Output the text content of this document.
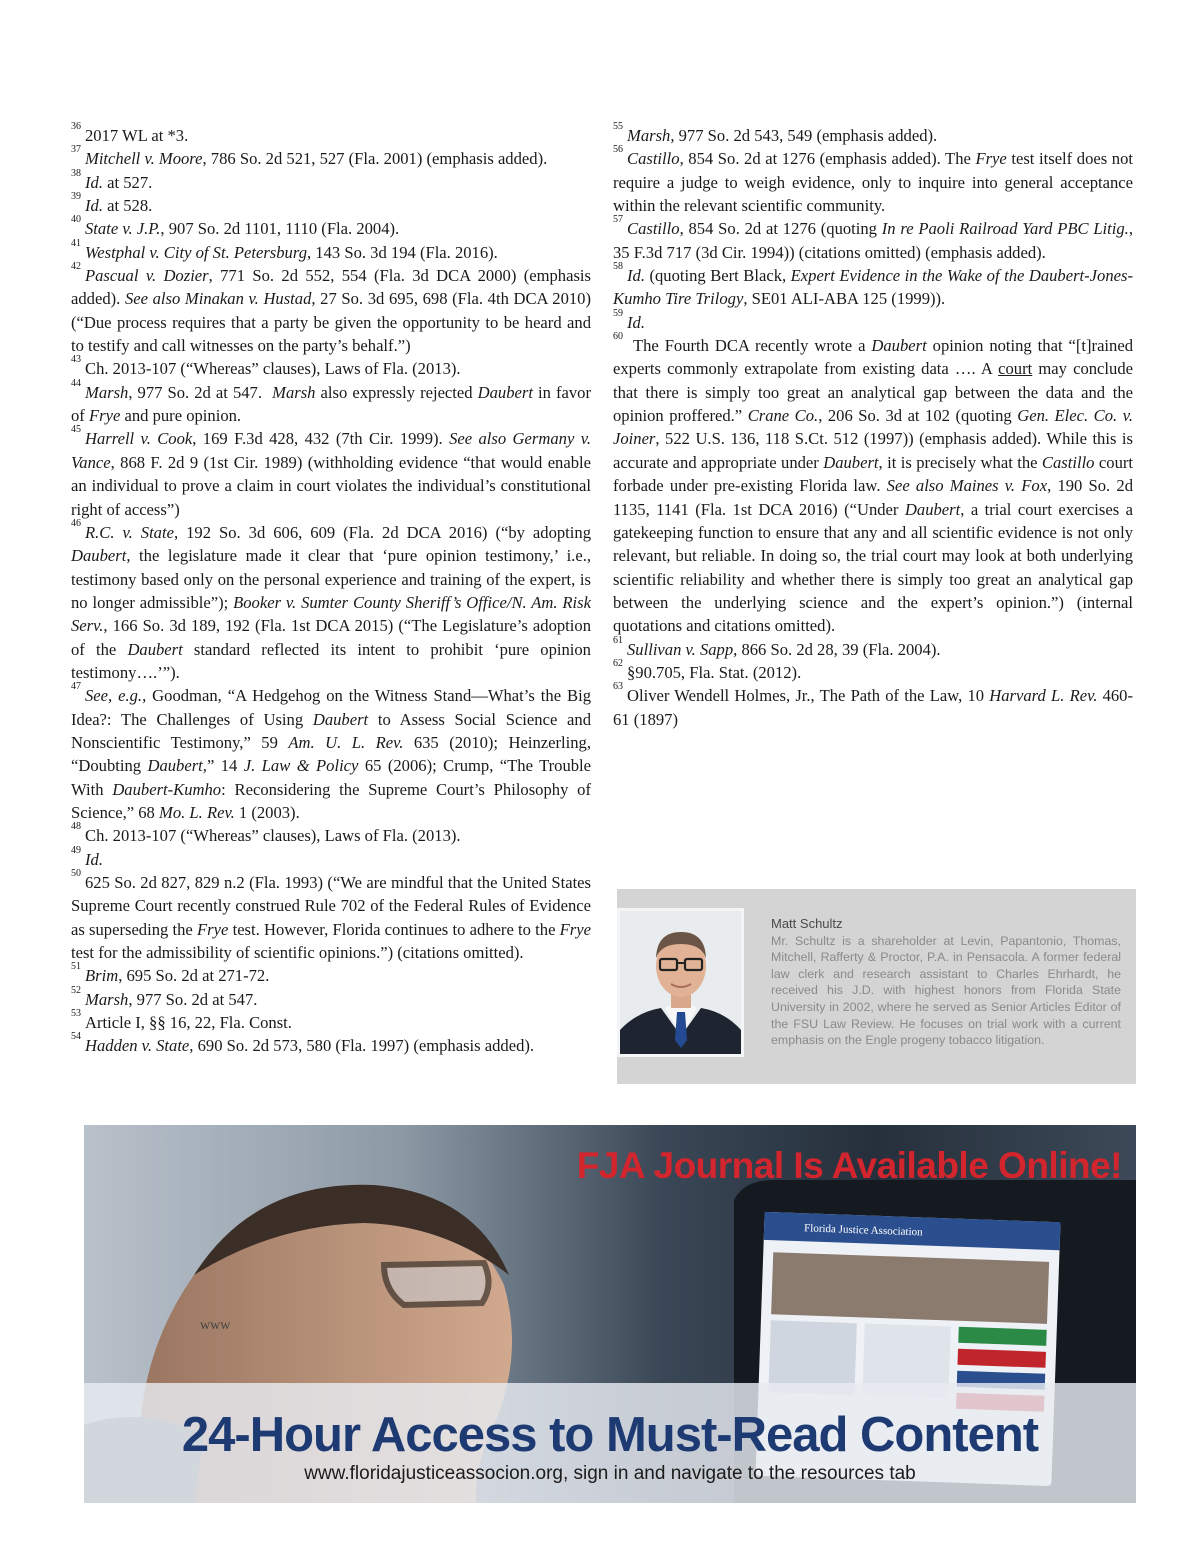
$^{36}$ 2017 WL at *3.

$^{37}$ Mitchell v. Moore, 786 So. 2d 521, 527 (Fla. 2001) (emphasis added).

$^{38}$ Id. at 527.

$^{39}$ Id. at 528.

$^{40}$ State v. J.P., 907 So. 2d 1101, 1110 (Fla. 2004).

$^{41}$ Westphal v. City of St. Petersburg, 143 So. 3d 194 (Fla. 2016).

$^{42}$ Pascual v. Dozier, 771 So. 2d 552, 554 (Fla. 3d DCA 2000) (emphasis added). See also Minakan v. Hustad, 27 So. 3d 695, 698 (Fla. 4th DCA 2010) (“Due process requires that a party be given the opportunity to be heard and to testify and call witnesses on the party’s behalf.”)

$^{43}$ Ch. 2013-107 (“Whereas” clauses), Laws of Fla. (2013).

$^{44}$ Marsh, 977 So. 2d at 547.  Marsh also expressly rejected Daubert in favor of Frye and pure opinion.

$^{45}$ Harrell v. Cook, 169 F.3d 428, 432 (7th Cir. 1999). See also Germany v. Vance, 868 F. 2d 9 (1st Cir. 1989) (withholding evidence “that would enable an individual to prove a claim in court violates the individual’s constitutional right of access”)

$^{46}$ R.C. v. State, 192 So. 3d 606, 609 (Fla. 2d DCA 2016) (“by adopting Daubert, the legislature made it clear that ‘pure opinion testimony,’ i.e., testimony based only on the personal experience and training of the expert, is no longer admissible”); Booker v. Sumter County Sheriff’s Office/N. Am. Risk Serv., 166 So. 3d 189, 192 (Fla. 1st DCA 2015) (“The Legislature’s adoption of the Daubert standard reflected its intent to prohibit ‘pure opinion testimony….’”).

$^{47}$ See, e.g., Goodman, “A Hedgehog on the Witness Stand—What’s the Big Idea?: The Challenges of Using Daubert to Assess Social Science and Nonscientific Testimony,” 59 Am. U. L. Rev. 635 (2010); Heinzerling, “Doubting Daubert,” 14 J. Law & Policy 65 (2006); Crump, “The Trouble With Daubert-Kumho: Reconsidering the Supreme Court’s Philosophy of Science,” 68 Mo. L. Rev. 1 (2003).

$^{48}$ Ch. 2013-107 (“Whereas” clauses), Laws of Fla. (2013).

$^{49}$ Id.

$^{50}$ 625 So. 2d 827, 829 n.2 (Fla. 1993) (“We are mindful that the United States Supreme Court recently construed Rule 702 of the Federal Rules of Evidence as superseding the Frye test. However, Florida continues to adhere to the Frye test for the admissibility of scientific opinions.”) (citations omitted).

$^{51}$ Brim, 695 So. 2d at 271-72.

$^{52}$ Marsh, 977 So. 2d at 547.

$^{53}$ Article I, §§ 16, 22, Fla. Const.

$^{54}$ Hadden v. State, 690 So. 2d 573, 580 (Fla. 1997) (emphasis added).

$^{55}$ Marsh, 977 So. 2d 543, 549 (emphasis added).

$^{56}$ Castillo, 854 So. 2d at 1276 (emphasis added). The Frye test itself does not require a judge to weigh evidence, only to inquire into general acceptance within the relevant scientific community.

$^{57}$ Castillo, 854 So. 2d at 1276 (quoting In re Paoli Railroad Yard PBC Litig., 35 F.3d 717 (3d Cir. 1994)) (citations omitted) (emphasis added).

$^{58}$ Id. (quoting Bert Black, Expert Evidence in the Wake of the Daubert-Jones-Kumho Tire Trilogy, SE01 ALI-ABA 125 (1999)).

$^{59}$ Id.

$^{60}$ The Fourth DCA recently wrote a Daubert opinion noting that “[t]rained experts commonly extrapolate from existing data …. A court may conclude that there is simply too great an analytical gap between the data and the opinion proffered.” Crane Co., 206 So. 3d at 102 (quoting Gen. Elec. Co. v. Joiner, 522 U.S. 136, 118 S.Ct. 512 (1997)) (emphasis added). While this is accurate and appropriate under Daubert, it is precisely what the Castillo court forbade under pre-existing Florida law. See also Maines v. Fox, 190 So. 2d 1135, 1141 (Fla. 1st DCA 2016) (“Under Daubert, a trial court exercises a gatekeeping function to ensure that any and all scientific evidence is not only relevant, but reliable. In doing so, the trial court may look at both underlying scientific reliability and whether there is simply too great an analytical gap between the underlying science and the expert’s opinion.”) (internal quotations and citations omitted).

$^{61}$ Sullivan v. Sapp, 866 So. 2d 28, 39 (Fla. 2004).

$^{62}$ §90.705, Fla. Stat. (2012).

$^{63}$ Oliver Wendell Holmes, Jr., The Path of the Law, 10 Harvard L. Rev. 460-61 (1897)

Matt Schultz
Mr. Schultz is a shareholder at Levin, Papantonio, Thomas, Mitchell, Rafferty & Proctor, P.A. in Pensacola. A former federal law clerk and research assistant to Charles Ehrhardt, he received his J.D. with highest honors from Florida State University in 2002, where he served as Senior Articles Editor of the FSU Law Review. He focuses on trial work with a current emphasis on the Engle progeny tobacco litigation.
Florida Justice Association

FJA Journal Is Available Online!

www

24-Hour Access to Must-Read Content

www.floridajusticeassocion.org, sign in and navigate to the resources tab
